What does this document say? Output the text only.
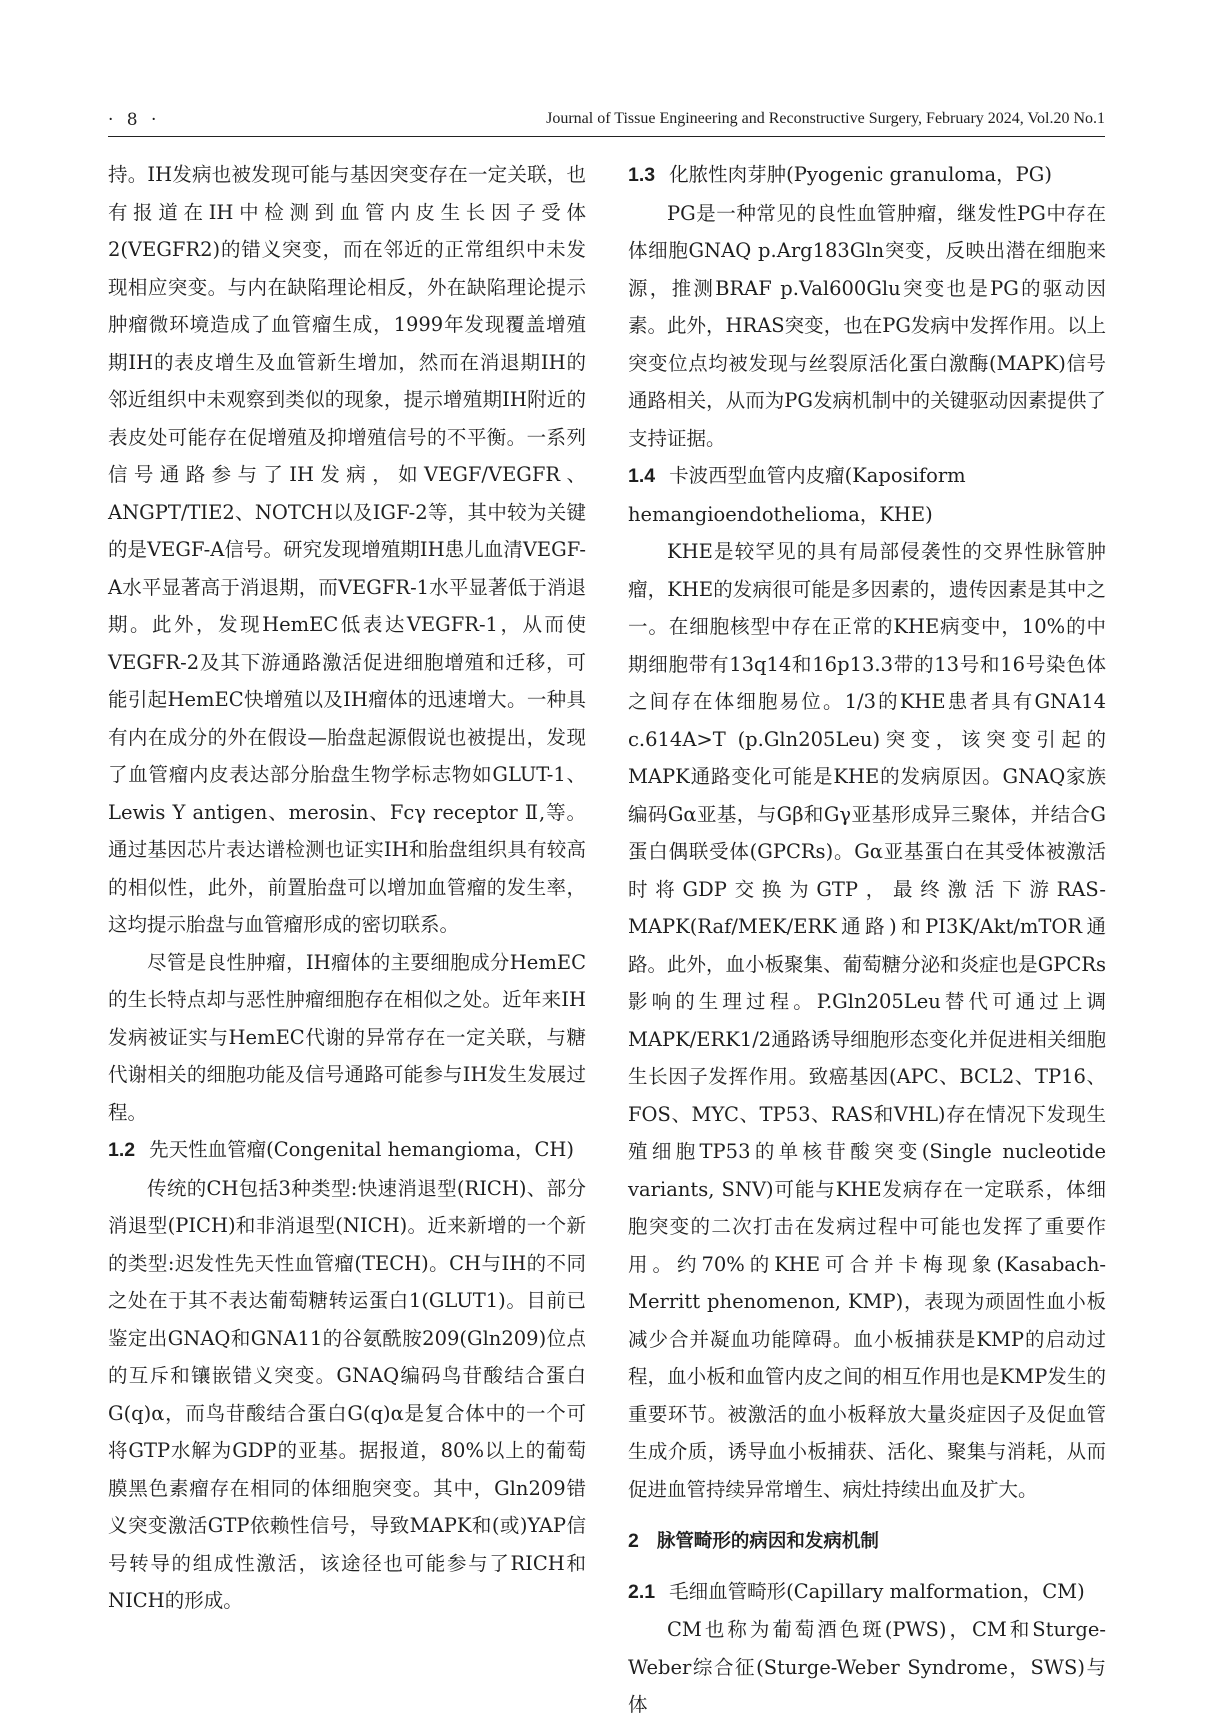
· 8 ·	Journal of Tissue Engineering and Reconstructive Surgery, February 2024, Vol.20 No.1

持。IH发病也被发现可能与基因突变存在一定关联，也有报道在IH中检测到血管内皮生长因子受体2(VEGFR2)的错义突变，而在邻近的正常组织中未发现相应突变。与内在缺陷理论相反，外在缺陷理论提示肿瘤微环境造成了血管瘤生成，1999年发现覆盖增殖期IH的表皮增生及血管新生增加，然而在消退期IH的邻近组织中未观察到类似的现象，提示增殖期IH附近的表皮处可能存在促增殖及抑增殖信号的不平衡。一系列信号通路参与了IH发病，如VEGF/VEGFR、ANGPT/TIE2、NOTCH以及IGF-2等，其中较为关键的是VEGF-A信号。研究发现增殖期IH患儿血清VEGF-A水平显著高于消退期，而VEGFR-1水平显著低于消退期。此外，发现HemEC低表达VEGFR-1，从而使VEGFR-2及其下游通路激活促进细胞增殖和迁移，可能引起HemEC快增殖以及IH瘤体的迅速增大。一种具有内在成分的外在假设—胎盘起源假说也被提出，发现了血管瘤内皮表达部分胎盘生物学标志物如GLUT-1、Lewis Y antigen、merosin、Fcγ receptor Ⅱ,等。通过基因芯片表达谱检测也证实IH和胎盘组织具有较高的相似性，此外，前置胎盘可以增加血管瘤的发生率，这均提示胎盘与血管瘤形成的密切联系。

尽管是良性肿瘤，IH瘤体的主要细胞成分HemEC的生长特点却与恶性肿瘤细胞存在相似之处。近年来IH发病被证实与HemEC代谢的异常存在一定关联，与糖代谢相关的细胞功能及信号通路可能参与IH发生发展过程。

1.2 先天性血管瘤(Congenital hemangioma，CH)

传统的CH包括3种类型:快速消退型(RICH)、部分消退型(PICH)和非消退型(NICH)。近来新增的一个新的类型:迟发性先天性血管瘤(TECH)。CH与IH的不同之处在于其不表达葡萄糖转运蛋白1(GLUT1)。目前已鉴定出GNAQ和GNA11的谷氨酰胺209(Gln209)位点的互斥和镶嵌错义突变。GNAQ编码鸟苷酸结合蛋白G(q)α，而鸟苷酸结合蛋白G(q)α是复合体中的一个可将GTP水解为GDP的亚基。据报道，80%以上的葡萄膜黑色素瘤存在相同的体细胞突变。其中，Gln209错义突变激活GTP依赖性信号，导致MAPK和(或)YAP信号转导的组成性激活，该途径也可能参与了RICH和NICH的形成。

1.3 化脓性肉芽肿(Pyogenic granuloma，PG)

PG是一种常见的良性血管肿瘤，继发性PG中存在体细胞GNAQ p.Arg183Gln突变，反映出潜在细胞来源，推测BRAF p.Val600Glu突变也是PG的驱动因素。此外，HRAS突变，也在PG发病中发挥作用。以上突变位点均被发现与丝裂原活化蛋白激酶(MAPK)信号通路相关，从而为PG发病机制中的关键驱动因素提供了支持证据。

1.4 卡波西型血管内皮瘤(Kaposiform hemangioendothelioma，KHE)

KHE是较罕见的具有局部侵袭性的交界性脉管肿瘤，KHE的发病很可能是多因素的，遗传因素是其中之一。在细胞核型中存在正常的KHE病变中，10%的中期细胞带有13q14和16p13.3带的13号和16号染色体之间存在体细胞易位。1/3的KHE患者具有GNA14 c.614A>T (p.Gln205Leu)突变，该突变引起的MAPK通路变化可能是KHE的发病原因。GNAQ家族编码Gα亚基，与Gβ和Gγ亚基形成异三聚体，并结合G蛋白偶联受体(GPCRs)。Gα亚基蛋白在其受体被激活时将GDP交换为GTP，最终激活下游RAS-MAPK(Raf/MEK/ERK通路)和PI3K/Akt/mTOR通路。此外，血小板聚集、葡萄糖分泌和炎症也是GPCRs影响的生理过程。P.Gln205Leu替代可通过上调MAPK/ERK1/2通路诱导细胞形态变化并促进相关细胞生长因子发挥作用。致癌基因(APC、BCL2、TP16、FOS、MYC、TP53、RAS和VHL)存在情况下发现生殖细胞TP53的单核苷酸突变(Single nucleotide variants, SNV)可能与KHE发病存在一定联系，体细胞突变的二次打击在发病过程中可能也发挥了重要作用。约70%的KHE可合并卡梅现象(Kasabach-Merritt phenomenon, KMP)，表现为顽固性血小板减少合并凝血功能障碍。血小板捕获是KMP的启动过程，血小板和血管内皮之间的相互作用也是KMP发生的重要环节。被激活的血小板释放大量炎症因子及促血管生成介质，诱导血小板捕获、活化、聚集与消耗，从而促进血管持续异常增生、病灶持续出血及扩大。

2 脉管畸形的病因和发病机制
2.1 毛细血管畸形(Capillary malformation，CM)

CM也称为葡萄酒色斑(PWS)，CM和Sturge-Weber综合征(Sturge-Weber Syndrome，SWS)与体
